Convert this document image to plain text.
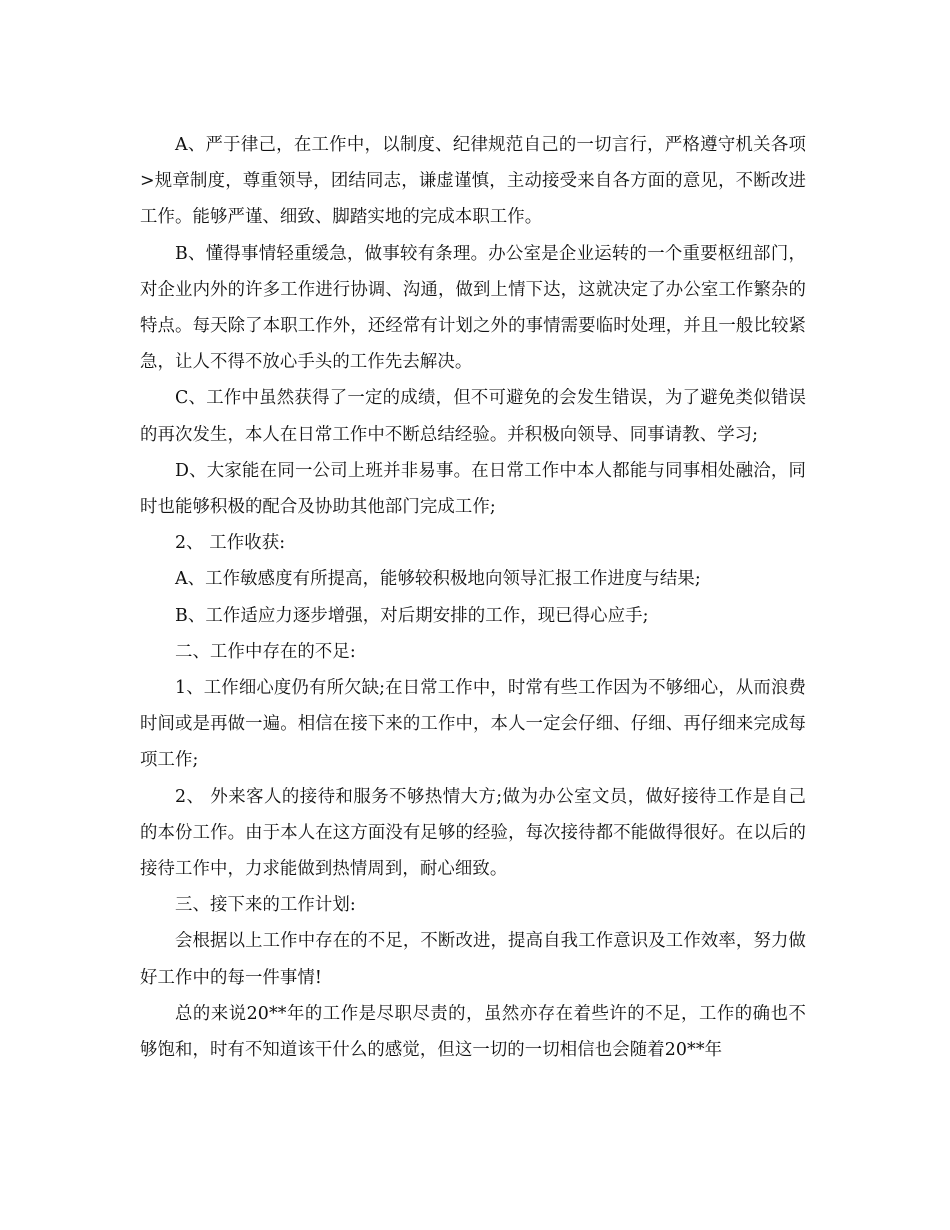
A、严于律己，在工作中，以制度、纪律规范自己的一切言行，严格遵守机关各项>规章制度，尊重领导，团结同志，谦虚谨慎，主动接受来自各方面的意见，不断改进工作。能够严谨、细致、脚踏实地的完成本职工作。

B、懂得事情轻重缓急，做事较有条理。办公室是企业运转的一个重要枢纽部门，对企业内外的许多工作进行协调、沟通，做到上情下达，这就决定了办公室工作繁杂的特点。每天除了本职工作外，还经常有计划之外的事情需要临时处理，并且一般比较紧急，让人不得不放心手头的工作先去解决。

C、工作中虽然获得了一定的成绩，但不可避免的会发生错误，为了避免类似错误的再次发生，本人在日常工作中不断总结经验。并积极向领导、同事请教、学习;

D、大家能在同一公司上班并非易事。在日常工作中本人都能与同事相处融洽，同时也能够积极的配合及协助其他部门完成工作;

2、 工作收获:

A、工作敏感度有所提高，能够较积极地向领导汇报工作进度与结果;

B、工作适应力逐步增强，对后期安排的工作，现已得心应手;

二、工作中存在的不足:

1、工作细心度仍有所欠缺;在日常工作中，时常有些工作因为不够细心，从而浪费时间或是再做一遍。相信在接下来的工作中，本人一定会仔细、仔细、再仔细来完成每项工作;

2、 外来客人的接待和服务不够热情大方;做为办公室文员，做好接待工作是自己的本份工作。由于本人在这方面没有足够的经验，每次接待都不能做得很好。在以后的接待工作中，力求能做到热情周到，耐心细致。

三、接下来的工作计划:

会根据以上工作中存在的不足，不断改进，提高自我工作意识及工作效率，努力做好工作中的每一件事情!

总的来说20**年的工作是尽职尽责的，虽然亦存在着些许的不足，工作的确也不够饱和，时有不知道该干什么的感觉，但这一切的一切相信也会随着20**年
